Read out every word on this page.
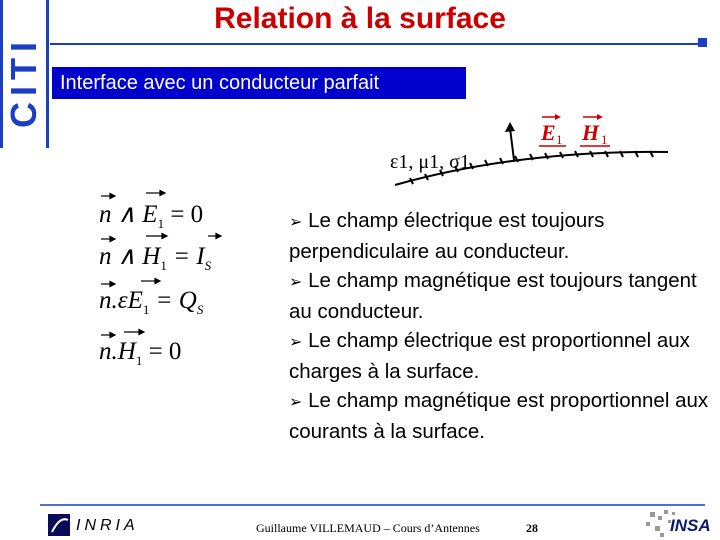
CITI
Relation à la surface
Interface avec un conducteur parfait
ε1, μ1, σ1
E 1 H 1
n ∧ $E_1 = 0$
n ∧ $H_1 = I_S$
$n.\varepsilon E_1 = Q_S$
$n.H_1 = 0$
➢ Le champ électrique est toujours perpendiculaire au conducteur.
➢ Le champ magnétique est toujours tangent au conducteur.
➢ Le champ électrique est proportionnel aux charges à la surface.
➢ Le champ magnétique est proportionnel aux courants à la surface.
INRIA	Guillaume VILLEMAUD – Cours d’Antennes	28	INSA
